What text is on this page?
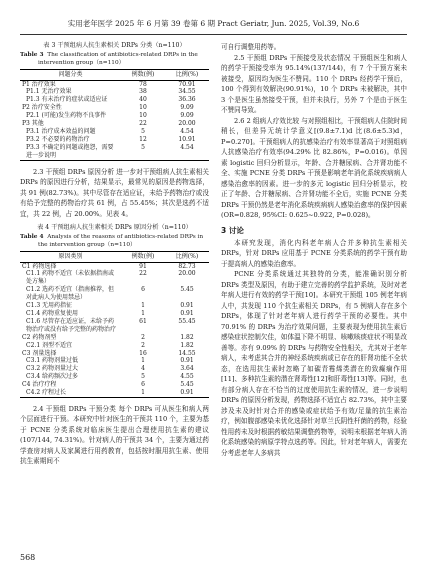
实用老年医学 2025 年 6 月第 39 卷第 6 期 Pract Geriatr, Jun. 2025, Vol.39, No.6

表 3 干预组病人抗生素相关 DRPs 分类（n=110）

Table 3 The classification of antibiotics-related DRPs in the intervention group（n=110）

问题分类	例数(例)	比例(%)
P1 治疗效果	78	70.91
P1.1 无治疗效果	38	34.55
P1.3 有未治疗的症状或适应证	40	36.36
P2 治疗安全性	10	9.09
P2.1 (可能)发生药物不良事件	10	9.09
P3 其他	22	20.00
P3.1 治疗成本效益的问题	5	4.54
P3.2 不必要的药物治疗	12	10.91
P3.3 不确定的问题或抱怨，需要进一步说明	5	4.54

2.3 干预组 DRPs 原因分析 进一步对干预组病人抗生素相关 DRPs 的原因进行分析，结果显示，最常见的原因是药物选择，共 91 例(82.73%)。其中尽管存在适应证，未给予药物治疗或没有给予完整的药物治疗共 61 例，占 55.45%；其次是选药不适宜，共 22 例，占 20.00%。见表 4。

表 4 干预组病人抗生素相关 DRPs 原因分析（n=110）

Table 4 Analysis of the reasons of antibiotics-related DRPs in the intervention group（n=110）

原因类别	例数(例)	比例(%)
C1 药物选择	91	82.73
C1.1 药物不适宜（未依据指南或处方集）	22	20.00
C1.2 选药不适宜（指南推荐，但对此病人为使用禁忌）	6	5.45
C1.3 无用药指征	1	0.91
C1.4 药物重复使用	1	0.91
C1.6 尽管存在适应证，未给予药物治疗或没有给予完整的药物治疗	61	55.45
C2 药物剂型	2	1.82
C2.1 剂型不适宜	2	1.82
C3 剂量选择	16	14.55
C3.1 药物剂量过低	1	0.91
C3.2 药物剂量过大	4	3.64
C3.4 给药频次过多	5	4.55
C4 治疗疗程	6	5.45
C4.2 疗程过长	1	0.91

2.4 干预组 DRPs 干预分类 每个 DRPs 可从医生和病人两个层面进行干预。本研究中针对医生的干预共 110 个，主要为基于 PCNE 分类系统对临床医生提出合理使用抗生素的建议(107/144, 74.31%)。针对病人的干预共 34 个，主要为通过药学查房对病人及家属进行用药教育，包括按时服用抗生素、使用抗生素期间不

可自行调整用药等。

2.5 干预组 DRPs 干预接受及状态情况 干预组医生和病人的药学干预接受率为 95.14%(137/144)，有 7 个干预方案未被接受，原因均为医生不赞同。110 个 DRPs 经药学干预后，100 个得到有效解决(90.91%)，10 个 DRPs 未被解决，其中 3 个是医生虽然接受干预，但并未执行，另外 7 个是由于医生不赞同导致。

2.6 2 组病人疗效比较 与对照组相比，干预组病人住院时间稍长，但差异无统计学意义[(9.8±7.1)d 比(8.6±5.3)d，P=0.270]。干预组病人的抗感染治疗有效率显著高于对照组病人抗感染治疗有效率(94.29% 比 82.86%，P=0.016)。单因素 logistic 回归分析显示，年龄、合并糖尿病、合并肾功能不全、实施 PCNE 分类 DRPs 干预是影响老年消化系统疾病病人感染治愈率的因素。进一步的多元 logistic 回归分析显示，校正了年龄、合并糖尿病、合并肾功能不全后，实施 PCNE 分类 DRPs 干预仍然是老年消化系统疾病病人感染治愈率的保护因素(OR=0.828, 95%CI: 0.625~0.922, P=0.028)。

3 讨论

本研究发现，消化内科老年病人合并多种抗生素相关 DRPs，针对 DRPs 应用基于 PCNE 分类系统的药学干预有助于提高病人的感染治愈率。

PCNE 分类系统通过其独特的分类，能准确识别分析 DRPs 类型及原因，有助于建立完善的药学监护系统，及时对老年病人进行有效的药学干预[10]。本研究干预组 105 例老年病人中，共发现 110 个抗生素相关 DRPs，有 5 例病人存在多个 DRPs，体现了针对老年病人进行药学干预的必要性。其中 70.91% 的 DRPs 为治疗效果问题，主要表现为使用抗生素后感染症状控制欠佳，如体温下降不明显、咳嗽咳痰症状不明显改善等。亦有 9.09% 的 DRPs 与药物安全性相关，尤其对于老年病人，未考虑其合并的神经系统疾病或已存在的肝肾功能不全状态，在选用抗生素时忽略了如碳青霉烯类潜在的致癫痫作用[11]、多种抗生素的潜在肾毒性[12]和肝毒性[13]等。同时，也有部分病人存在不恰当的过度使用抗生素的情况，进一步说明 DRPs 的原因分析发现，药物选择不适宜占 82.73%，其中主要涉及未及时针对合并的感染或症状给予有效/足量的抗生素治疗，例如腹部感染未优化选择针对草兰氏阴性杆菌的药物，经验性用药未及时根据药敏结果调整药物等，说明未根据老年病人消化系统感染的病原学特点选药等。因此，针对老年病人，需要充分考虑老年人多病共

568
